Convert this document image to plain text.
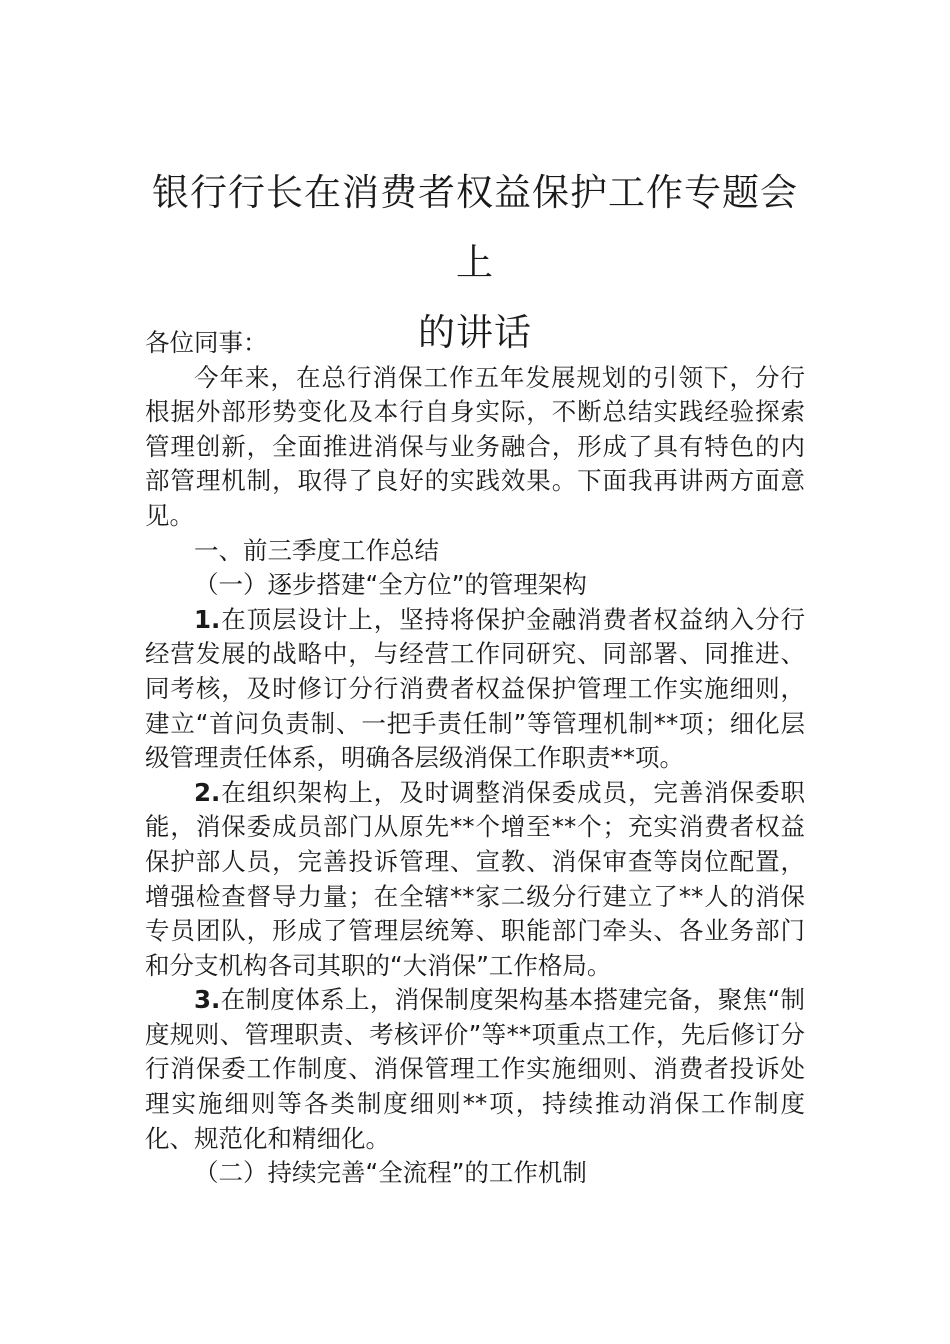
银行行长在消费者权益保护工作专题会上
的讲话

各位同事：

今年来，在总行消保工作五年发展规划的引领下，分行根据外部形势变化及本行自身实际，不断总结实践经验探索管理创新，全面推进消保与业务融合，形成了具有特色的内部管理机制，取得了良好的实践效果。下面我再讲两方面意见。

一、前三季度工作总结

（一）逐步搭建“全方位”的管理架构

1.在顶层设计上，坚持将保护金融消费者权益纳入分行经营发展的战略中，与经营工作同研究、同部署、同推进、同考核，及时修订分行消费者权益保护管理工作实施细则，建立“首问负责制、一把手责任制”等管理机制**项；细化层级管理责任体系，明确各层级消保工作职责**项。

2.在组织架构上，及时调整消保委成员，完善消保委职能，消保委成员部门从原先**个增至**个；充实消费者权益保护部人员，完善投诉管理、宣教、消保审查等岗位配置，增强检查督导力量；在全辖**家二级分行建立了**人的消保专员团队，形成了管理层统筹、职能部门牵头、各业务部门和分支机构各司其职的“大消保”工作格局。

3.在制度体系上，消保制度架构基本搭建完备，聚焦“制度规则、管理职责、考核评价”等**项重点工作，先后修订分行消保委工作制度、消保管理工作实施细则、消费者投诉处理实施细则等各类制度细则**项，持续推动消保工作制度化、规范化和精细化。

（二）持续完善“全流程”的工作机制
